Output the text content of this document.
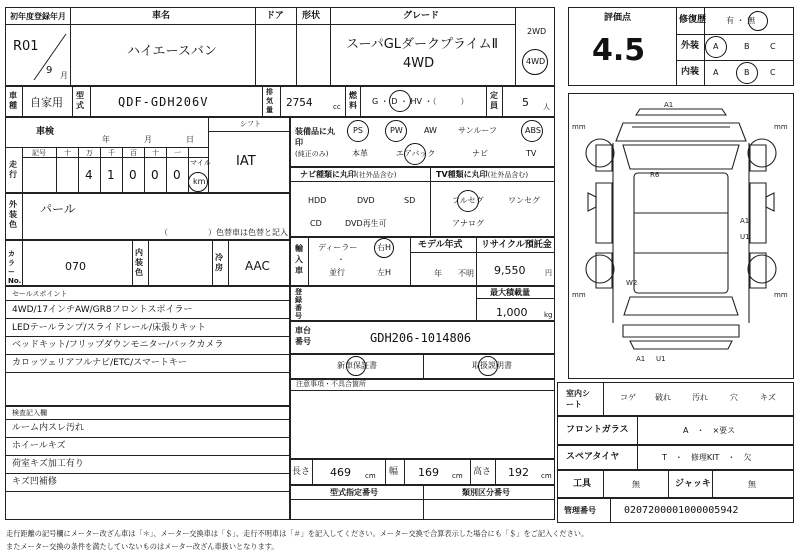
初年度登録年月	車名	ドア 形状	グレード
R01
9 月
ハイエースバン	スーパGLダークプライムⅡ
4WD
2WD
4WD
評価点
4.5
修復歴 有 ・ 無
外装 A	B	C
内装 A	B	C
車種 自家用
型式	QDF-GDH206V
排気量
2754	cc
燃料 G ・ D ・ HV ・（　　　）
定員 5 人
車検
年	月	日
シフト
IAT
走行
記号	十 万 千 百 十 一
4 1 0 0 0
マイル
km
外装色
パール
（　　　　　）色替車は色替と記入
カラーNo.
070
内装色
冷房 AAC
セールスポイント
4WD/17インチAW/GR8フロントスポイラー
LEDテールランプ/スライドレール/床張りキット
ベッドキット/フリップダウンモニター/バックカメラ
カロッツェリアフルナビ/ETC/スマートキー
検査記入欄
ルーム内スレ汚れ
ホイールキズ
荷室キズ加工有り
キズ凹補修
装備品に丸印
(純正のみ)
PS	PW	AW	サンルーフ	ABS
本革	エアバック	ナビ	TV
ナビ種類に丸印(社外品含む)	TV種類に丸印(社外品含む)
HDD	DVD	SD
CD	DVD再生可
フルセグ	ワンセグ
アナログ
輸入車
ディーラー
・
並行
右H
左H
モデル年式
年 不明
リサイクル預託金
9,550	円
登録番号
最大積載量
1,000 kg
車台番号	GDH206-1014806
新車保証書	取扱説明書
注意事項・不具合箇所
長さ 469 cm 幅 169 cm 高さ 192 cm
型式指定番号	類別区分番号
mm	mm
mm	mm
A1
A1 U1
R6
A1
U1
W2
室内シート
コゲ 破れ	汚れ	穴	キズ
フロントガラス	A　・　×要ス
スペアタイヤ	T　・　修理KIT　・　欠
工具	無	ジャッキ	無
管理番号	0207200001000005942
走行距離の記号欄にメーター改ざん車は「＊」、メーター交換車は「＄」、走行不明車は「＃」を記入してください。メーター交換で合算表示した場合にも「＄」をご記入ください。
またメーター交換の条件を満たしていないものはメーター改ざん車扱いとなります。
